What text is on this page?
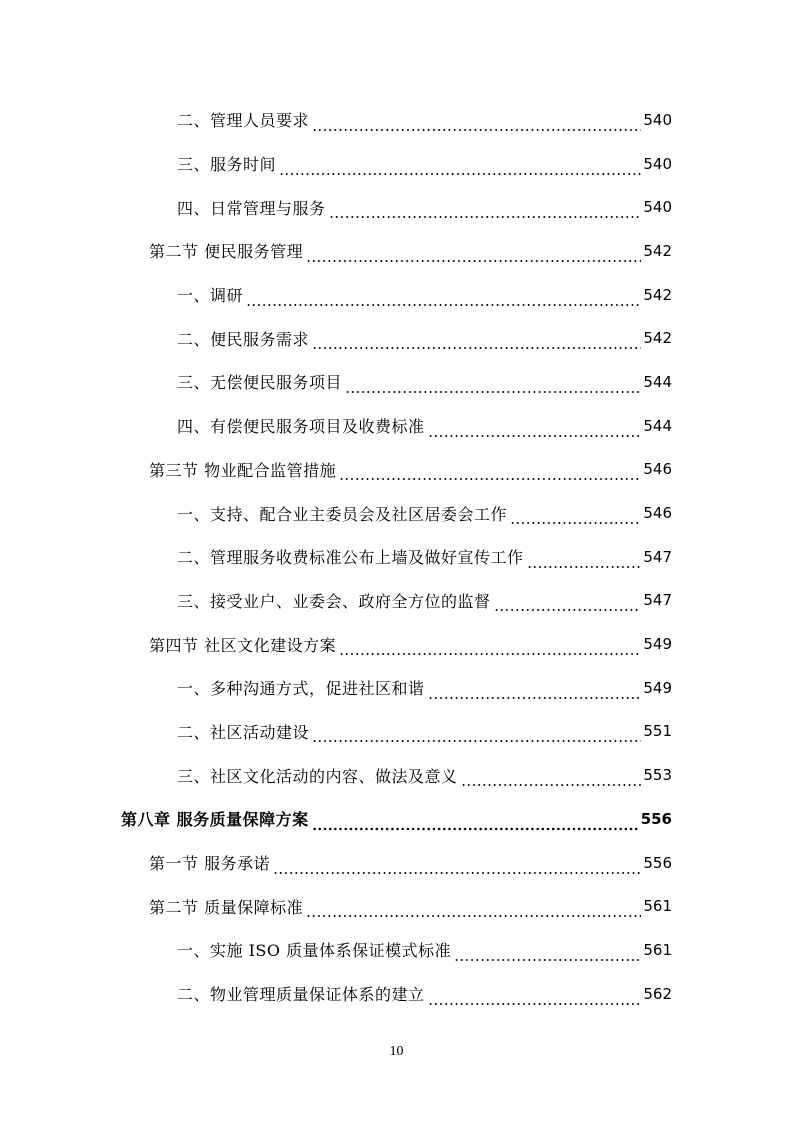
二、管理人员要求	540
三、服务时间	540
四、日常管理与服务	540
第二节 便民服务管理	542
一、调研	542
二、便民服务需求	542
三、无偿便民服务项目	544
四、有偿便民服务项目及收费标准	544
第三节 物业配合监管措施	546
一、支持、配合业主委员会及社区居委会工作	546
二、管理服务收费标准公布上墙及做好宣传工作	547
三、接受业户、业委会、政府全方位的监督	547
第四节 社区文化建设方案	549
一、多种沟通方式，促进社区和谐	549
二、社区活动建设	551
三、社区文化活动的内容、做法及意义	553
第八章 服务质量保障方案	556
第一节 服务承诺	556
第二节 质量保障标准	561
一、实施 ISO 质量体系保证模式标准	561
二、物业管理质量保证体系的建立	562
10
